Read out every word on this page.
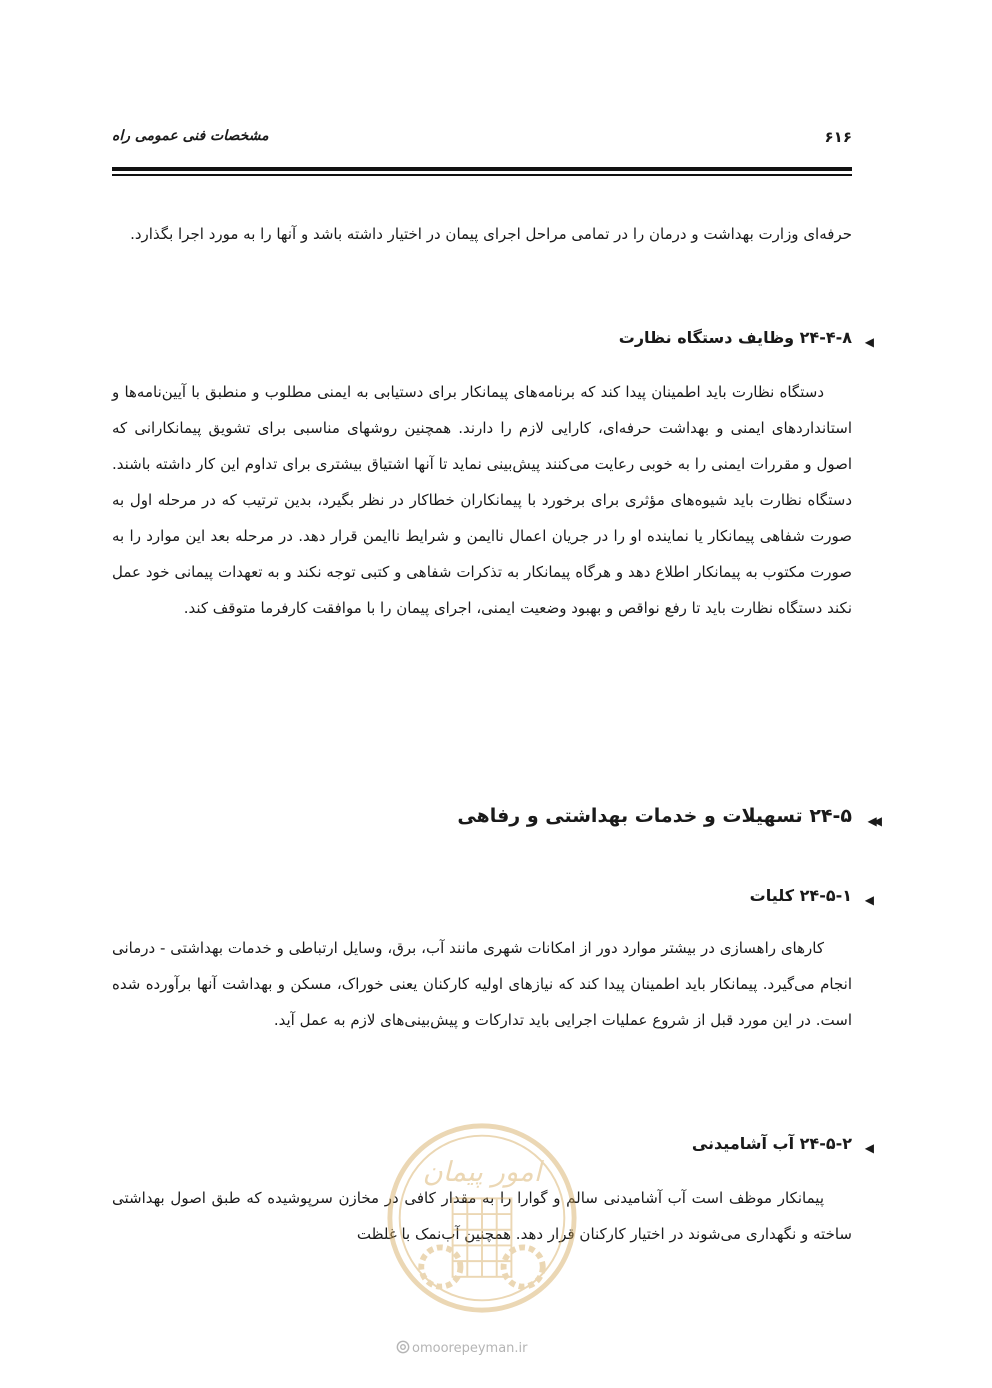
۶۱۶
مشخصات فنی عمومی راه
حرفه‌ای وزارت بهداشت و درمان را در تمامی مراحل اجرای پیمان در اختیار داشته باشد و آنها را به مورد اجرا بگذارد.
◀
۲۴-۴-۸ وظایف دستگاه نظارت
دستگاه نظارت باید اطمینان پیدا کند که برنامه‌های پیمانکار برای دستیابی به ایمنی مطلوب و منطبق با آیین‌نامه‌ها و استانداردهای ایمنی و بهداشت حرفه‌ای، کارایی لازم را دارند. همچنین روشهای مناسبی برای تشویق پیمانکارانی که اصول و مقررات ایمنی را به خوبی رعایت می‌کنند پیش‌بینی نماید تا آنها اشتیاق بیشتری برای تداوم این کار داشته باشند. دستگاه نظارت باید شیوه‌های مؤثری برای برخورد با پیمانکاران خطاکار در نظر بگیرد، بدین ترتیب که در مرحله اول به صورت شفاهی پیمانکار یا نماینده او را در جریان اعمال ناایمن و شرایط ناایمن قرار دهد. در مرحله بعد این موارد را به صورت مکتوب به پیمانکار اطلاع دهد و هرگاه پیمانکار به تذکرات شفاهی و کتبی توجه نکند و به تعهدات پیمانی خود عمل نکند دستگاه نظارت باید تا رفع نواقص و بهبود وضعیت ایمنی، اجرای پیمان را با موافقت کارفرما متوقف کند.
◀◀
۲۴-۵ تسهیلات و خدمات بهداشتی و رفاهی
◀
۲۴-۵-۱ کلیات
کارهای راهسازی در بیشتر موارد دور از امکانات شهری مانند آب، برق، وسایل ارتباطی و خدمات بهداشتی - درمانی انجام می‌گیرد. پیمانکار باید اطمینان پیدا کند که نیازهای اولیه کارکنان یعنی خوراک، مسکن و بهداشت آنها برآورده شده است. در این مورد قبل از شروع عملیات اجرایی باید تدارکات و پیش‌بینی‌های لازم به عمل آید.
◀
۲۴-۵-۲ آب آشامیدنی
پیمانکار موظف است آب آشامیدنی سالم و گوارا را به مقدار کافی در مخازن سرپوشیده که طبق اصول بهداشتی ساخته و نگهداری می‌شوند در اختیار کارکنان قرار دهد. همچنین آب‌نمک با غلظت
امور پیمان
omoorepeyman.ir
